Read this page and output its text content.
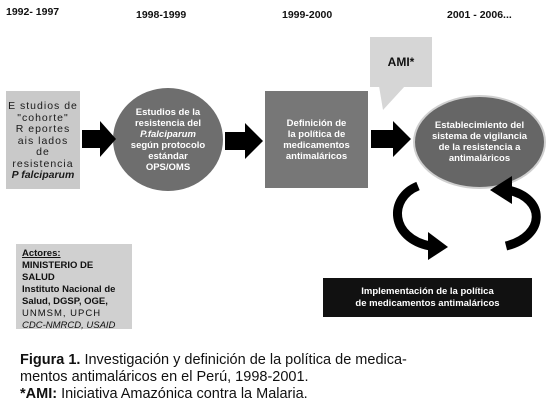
1992- 1997	1998-1999	1999-2000	2001 - 2006...
E studios de
"cohorte"
R eportes
ais lados
de resistencia
P falciparum
Estudios de la
resistencia del
P.falciparum
según protocolo
estándar
OPS/OMS
Definición de
la política de
medicamentos
antimaláricos
AMI*
Establecimiento del
sistema de vigilancia
de la resistencia a
antimaláricos
Actores:
MINISTERIO DE SALUD
Instituto Nacional de
Salud, DGSP, OGE,
UNMSM, UPCH
CDC-NMRCD, USAID
Implementación de la política
de medicamentos antimaláricos
Figura 1. Investigación y definición de la política de medica-
mentos antimaláricos en el Perú, 1998-2001.
*AMI: Iniciativa Amazónica contra la Malaria.
